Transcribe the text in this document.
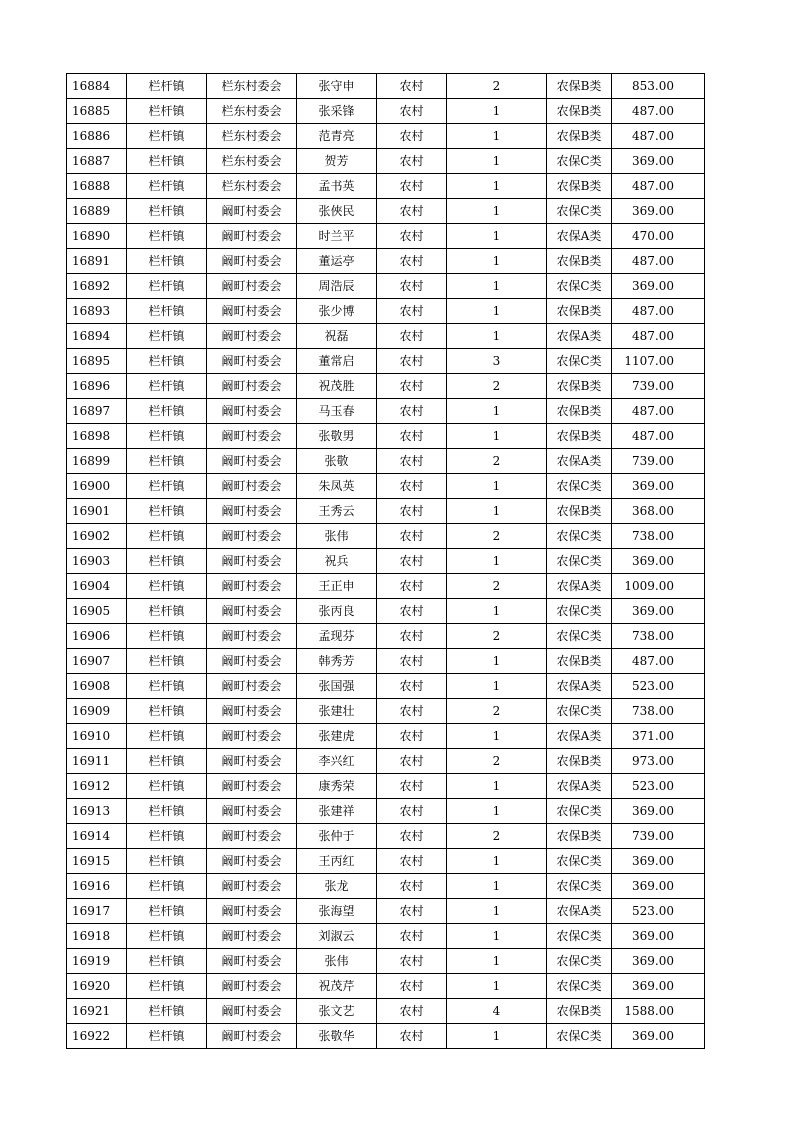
16884	栏杆镇	栏东村委会	张守申	农村	2	农保B类	853.00
16885	栏杆镇	栏东村委会	张采锋	农村	1	农保B类	487.00
16886	栏杆镇	栏东村委会	范青亮	农村	1	农保B类	487.00
16887	栏杆镇	栏东村委会	贺芳	农村	1	农保C类	369.00
16888	栏杆镇	栏东村委会	孟书英	农村	1	农保B类	487.00
16889	栏杆镇	阚町村委会	张俠民	农村	1	农保C类	369.00
16890	栏杆镇	阚町村委会	时兰平	农村	1	农保A类	470.00
16891	栏杆镇	阚町村委会	董运亭	农村	1	农保B类	487.00
16892	栏杆镇	阚町村委会	周浩辰	农村	1	农保C类	369.00
16893	栏杆镇	阚町村委会	张少博	农村	1	农保B类	487.00
16894	栏杆镇	阚町村委会	祝磊	农村	1	农保A类	487.00
16895	栏杆镇	阚町村委会	董常启	农村	3	农保C类	1107.00
16896	栏杆镇	阚町村委会	祝茂胜	农村	2	农保B类	739.00
16897	栏杆镇	阚町村委会	马玉春	农村	1	农保B类	487.00
16898	栏杆镇	阚町村委会	张敬男	农村	1	农保B类	487.00
16899	栏杆镇	阚町村委会	张敬	农村	2	农保A类	739.00
16900	栏杆镇	阚町村委会	朱凤英	农村	1	农保C类	369.00
16901	栏杆镇	阚町村委会	王秀云	农村	1	农保B类	368.00
16902	栏杆镇	阚町村委会	张伟	农村	2	农保C类	738.00
16903	栏杆镇	阚町村委会	祝兵	农村	1	农保C类	369.00
16904	栏杆镇	阚町村委会	王正申	农村	2	农保A类	1009.00
16905	栏杆镇	阚町村委会	张丙良	农村	1	农保C类	369.00
16906	栏杆镇	阚町村委会	孟现芬	农村	2	农保C类	738.00
16907	栏杆镇	阚町村委会	韩秀芳	农村	1	农保B类	487.00
16908	栏杆镇	阚町村委会	张国强	农村	1	农保A类	523.00
16909	栏杆镇	阚町村委会	张建壮	农村	2	农保C类	738.00
16910	栏杆镇	阚町村委会	张建虎	农村	1	农保A类	371.00
16911	栏杆镇	阚町村委会	李兴红	农村	2	农保B类	973.00
16912	栏杆镇	阚町村委会	康秀荣	农村	1	农保A类	523.00
16913	栏杆镇	阚町村委会	张建祥	农村	1	农保C类	369.00
16914	栏杆镇	阚町村委会	张仲于	农村	2	农保B类	739.00
16915	栏杆镇	阚町村委会	王丙红	农村	1	农保C类	369.00
16916	栏杆镇	阚町村委会	张龙	农村	1	农保C类	369.00
16917	栏杆镇	阚町村委会	张海望	农村	1	农保A类	523.00
16918	栏杆镇	阚町村委会	刘淑云	农村	1	农保C类	369.00
16919	栏杆镇	阚町村委会	张伟	农村	1	农保C类	369.00
16920	栏杆镇	阚町村委会	祝茂芹	农村	1	农保C类	369.00
16921	栏杆镇	阚町村委会	张文艺	农村	4	农保B类	1588.00
16922	栏杆镇	阚町村委会	张敬华	农村	1	农保C类	369.00
